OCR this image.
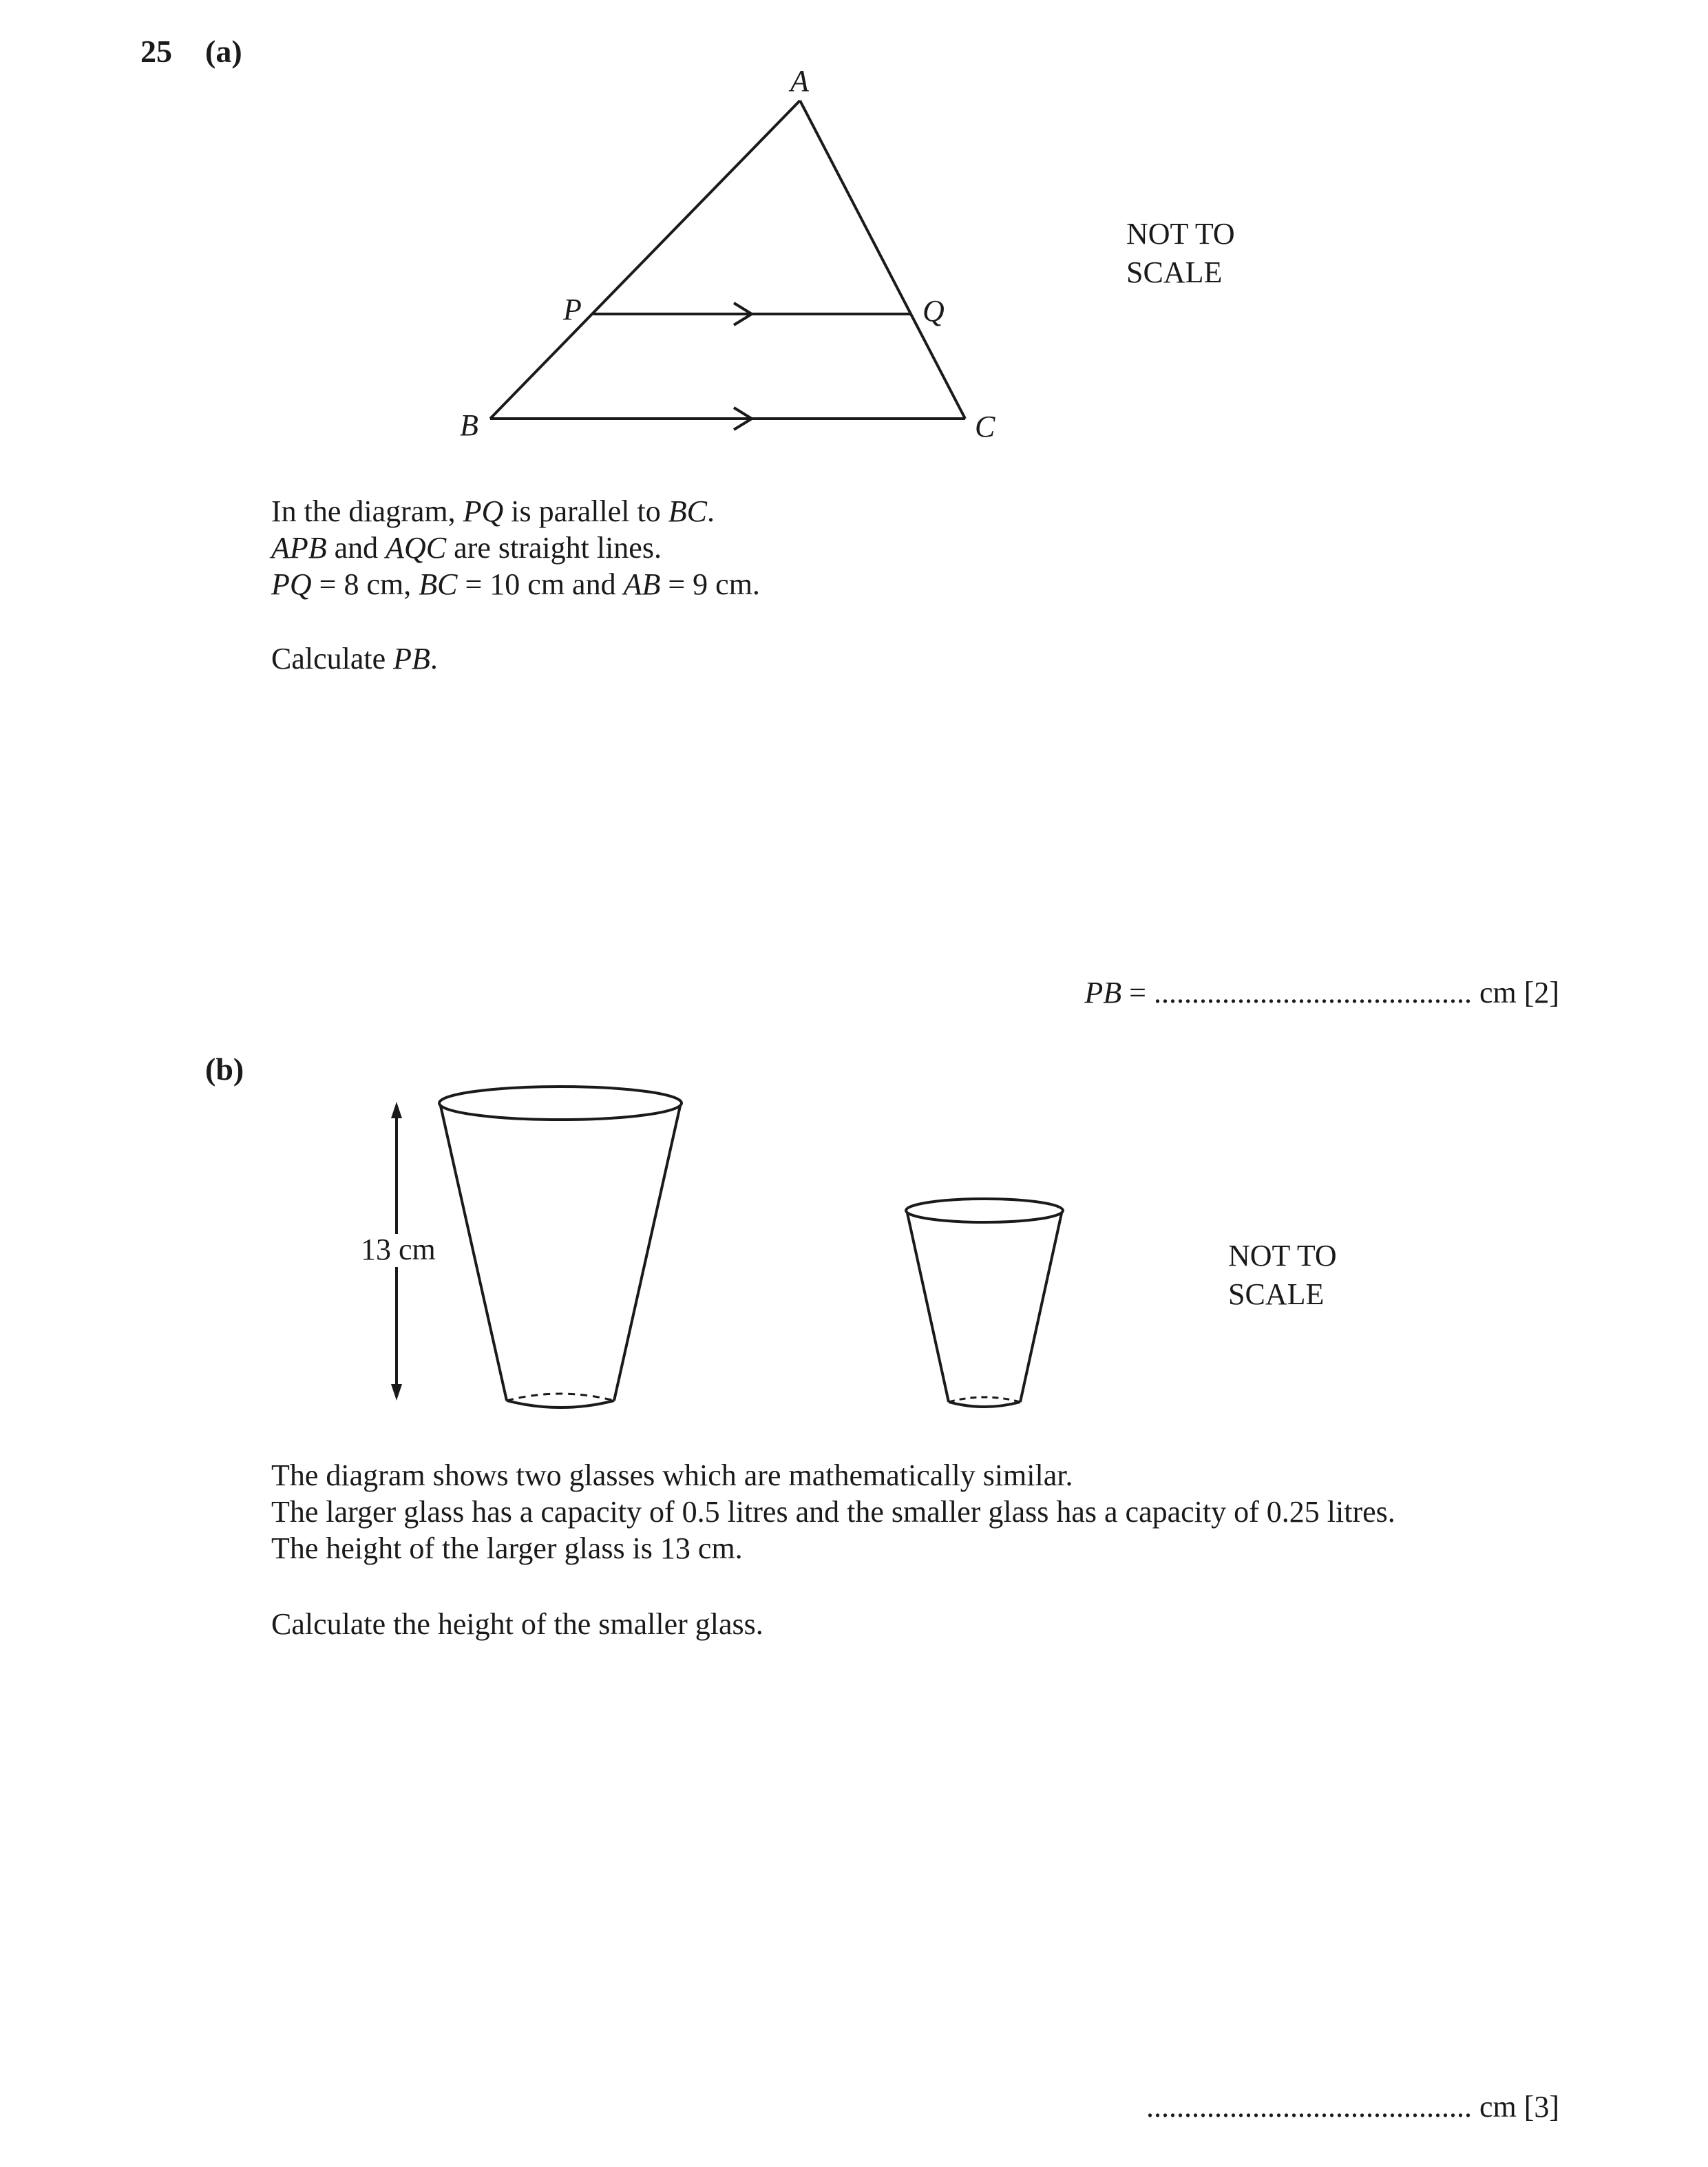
25 (a)
A
P	Q
B	C
NOT TO
SCALE
In the diagram, PQ is parallel to BC.
APB and AQC are straight lines.
PQ = 8 cm, BC = 10 cm and AB = 9 cm.
Calculate PB.
PB = .......................................... cm [2]
(b)
13 cm	NOT TO
SCALE
The diagram shows two glasses which are mathematically similar.
The larger glass has a capacity of 0.5 litres and the smaller glass has a capacity of 0.25 litres.
The height of the larger glass is 13 cm.
Calculate the height of the smaller glass.
........................................... cm [3]
